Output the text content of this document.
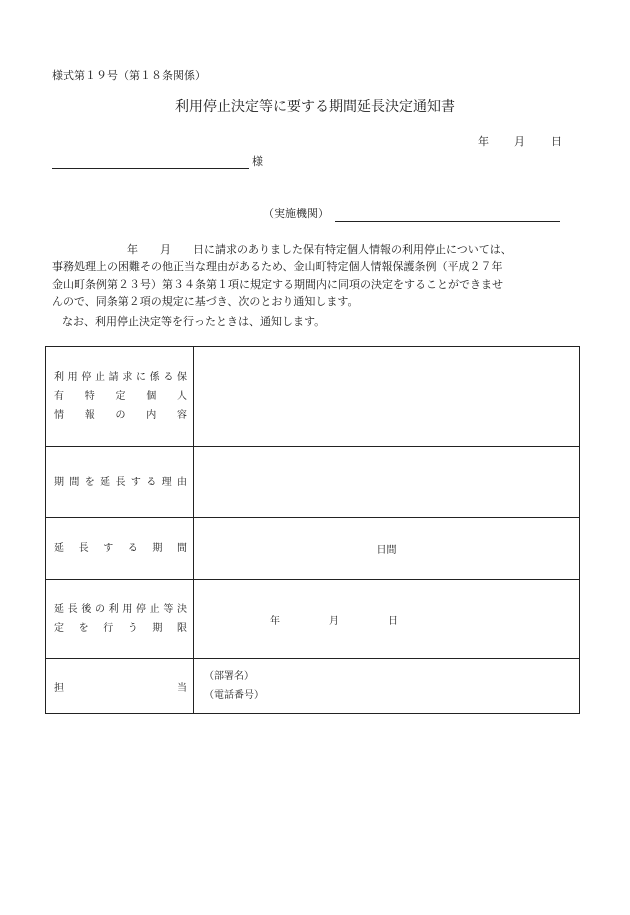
様式第１９号（第１８条関係）
利用停止決定等に要する期間延長決定通知書
年 月 日
様
（実施機関）
年　　月　　日に請求のありました保有特定個人情報の利用停止については、
事務処理上の困難その他正当な理由があるため、金山町特定個人情報保護条例（平成２７年
金山町条例第２３号）第３４条第１項に規定する期間内に同項の決定をすることができませ
んので、同条第２項の規定に基づき、次のとおり通知します。
なお、利用停止決定等を行ったときは、通知します。
利用停止請求に係る保
有　特　定　個　人
情　報　の　内　容	

期間を延長する理由	

延　長　す　る　期　間	日間

延長後の利用停止等決
定　を　行　う　期　限	年 月 日

担 当	（部署名）
（電話番号）
